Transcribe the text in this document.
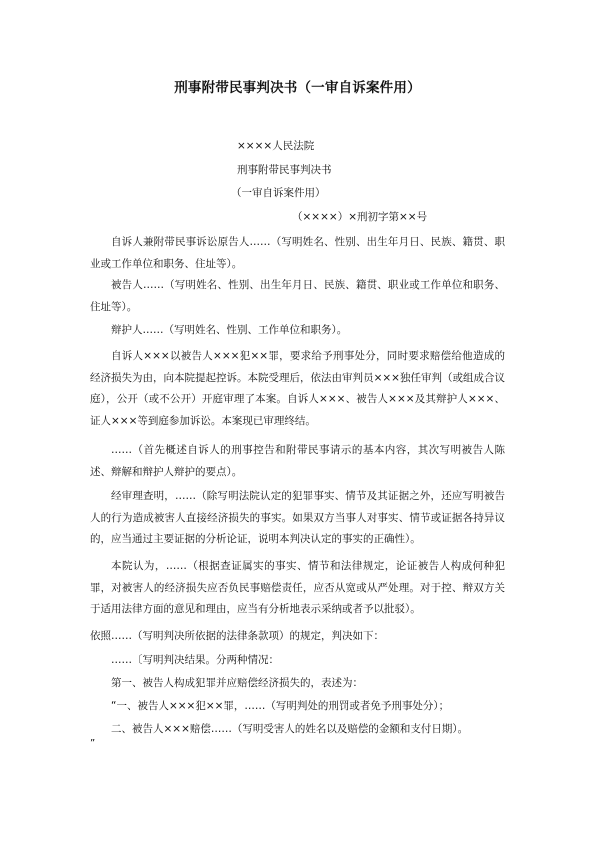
刑事附带民事判决书（一审自诉案件用）
××××人民法院
刑事附带民事判决书
（一审自诉案件用）
（××××）×刑初字第××号

自诉人兼附带民事诉讼原告人……（写明姓名、性别、出生年月日、民族、籍贯、职业或工作单位和职务、住址等）。

被告人……（写明姓名、性别、出生年月日、民族、籍贯、职业或工作单位和职务、住址等）。

辩护人……（写明姓名、性别、工作单位和职务）。

自诉人×××以被告人×××犯××罪，要求给予刑事处分，同时要求赔偿给他造成的经济损失为由，向本院提起控诉。本院受理后，依法由审判员×××独任审判（或组成合议庭），公开（或不公开）开庭审理了本案。自诉人×××、被告人×××及其辩护人×××、证人×××等到庭参加诉讼。本案现已审理终结。

……（首先概述自诉人的刑事控告和附带民事请示的基本内容，其次写明被告人陈述、辩解和辩护人辩护的要点）。

经审理查明，……（除写明法院认定的犯罪事实、情节及其证据之外，还应写明被告人的行为造成被害人直接经济损失的事实。如果双方当事人对事实、情节或证据各持异议的，应当通过主要证据的分析论证，说明本判决认定的事实的正确性）。

本院认为，……（根据查证属实的事实、情节和法律规定，论证被告人构成何种犯罪，对被害人的经济损失应否负民事赔偿责任，应否从宽或从严处理。对于控、辩双方关于适用法律方面的意见和理由，应当有分析地表示采纳或者予以批驳）。

依照……（写明判决所依据的法律条款项）的规定，判决如下：

……〔写明判决结果。分两种情况：

第一、被告人构成犯罪并应赔偿经济损失的，表述为：

“一、被告人×××犯××罪，……（写明判处的刑罚或者免予刑事处分）；

二、被告人×××赔偿……（写明受害人的姓名以及赔偿的金额和支付日期）。

”
